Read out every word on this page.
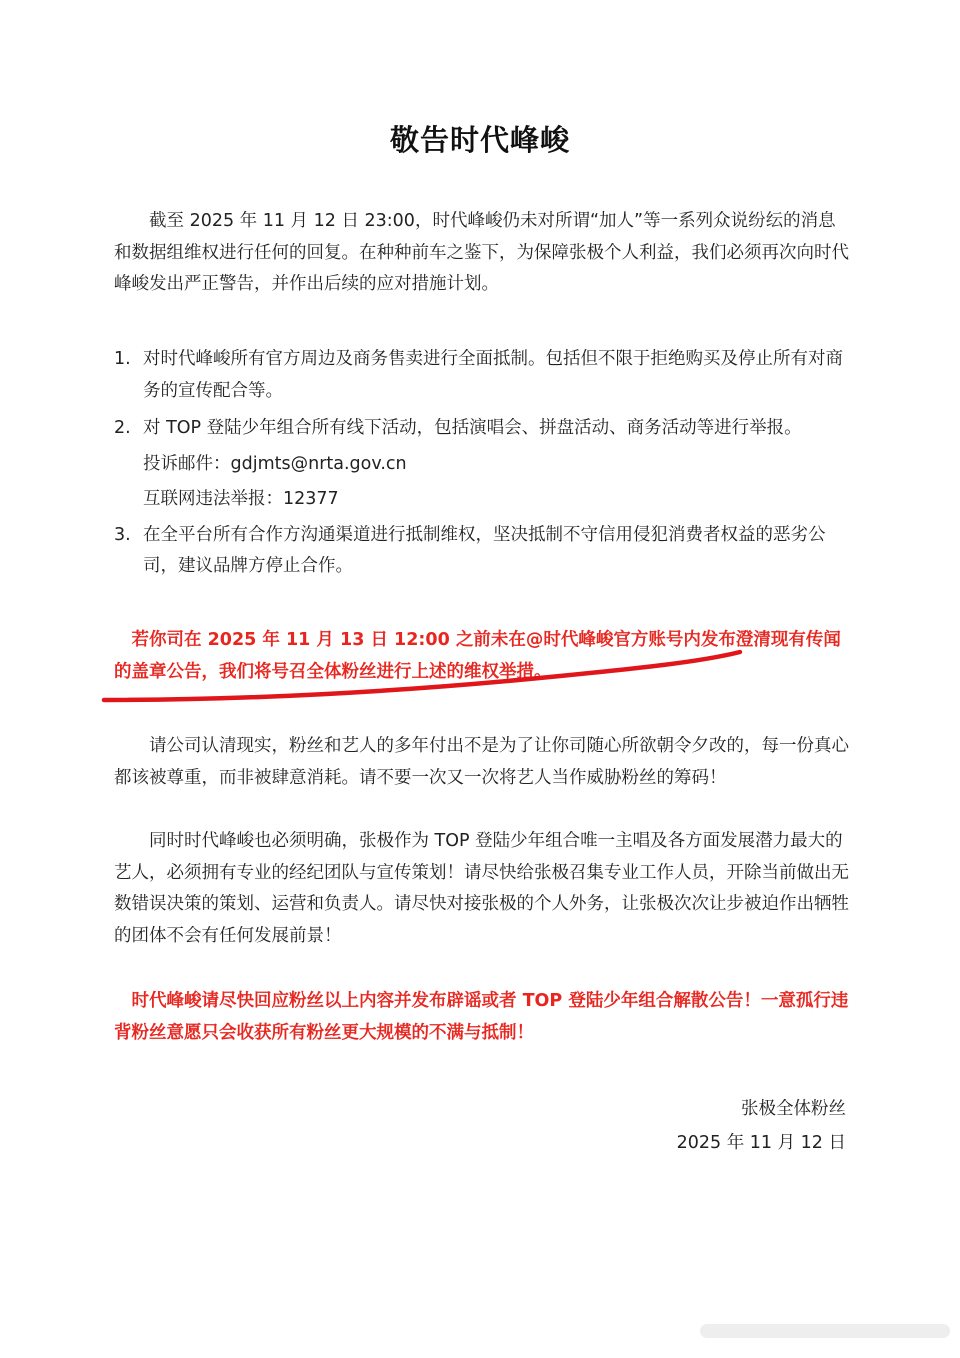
敬告时代峰峻

截至 2025 年 11 月 12 日 23:00，时代峰峻仍未对所谓“加人”等一系列众说纷纭的消息和数据组维权进行任何的回复。在种种前车之鉴下，为保障张极个人利益，我们必须再次向时代峰峻发出严正警告，并作出后续的应对措施计划。

1. 对时代峰峻所有官方周边及商务售卖进行全面抵制。包括但不限于拒绝购买及停止所有对商务的宣传配合等。
2. 对 TOP 登陆少年组合所有线下活动，包括演唱会、拼盘活动、商务活动等进行举报。
投诉邮件：gdjmts@nrta.gov.cn
互联网违法举报：12377
3. 在全平台所有合作方沟通渠道进行抵制维权，坚决抵制不守信用侵犯消费者权益的恶劣公司，建议品牌方停止合作。

若你司在 2025 年 11 月 13 日 12:00 之前未在@时代峰峻官方账号内发布澄清现有传闻的盖章公告，我们将号召全体粉丝进行上述的维权举措。

请公司认清现实，粉丝和艺人的多年付出不是为了让你司随心所欲朝令夕改的，每一份真心都该被尊重，而非被肆意消耗。请不要一次又一次将艺人当作威胁粉丝的筹码！

同时时代峰峻也必须明确，张极作为 TOP 登陆少年组合唯一主唱及各方面发展潜力最大的艺人，必须拥有专业的经纪团队与宣传策划！请尽快给张极召集专业工作人员，开除当前做出无数错误决策的策划、运营和负责人。请尽快对接张极的个人外务，让张极次次让步被迫作出牺牲的团体不会有任何发展前景！

时代峰峻请尽快回应粉丝以上内容并发布辟谣或者 TOP 登陆少年组合解散公告！一意孤行违背粉丝意愿只会收获所有粉丝更大规模的不满与抵制！

张极全体粉丝
2025 年 11 月 12 日
